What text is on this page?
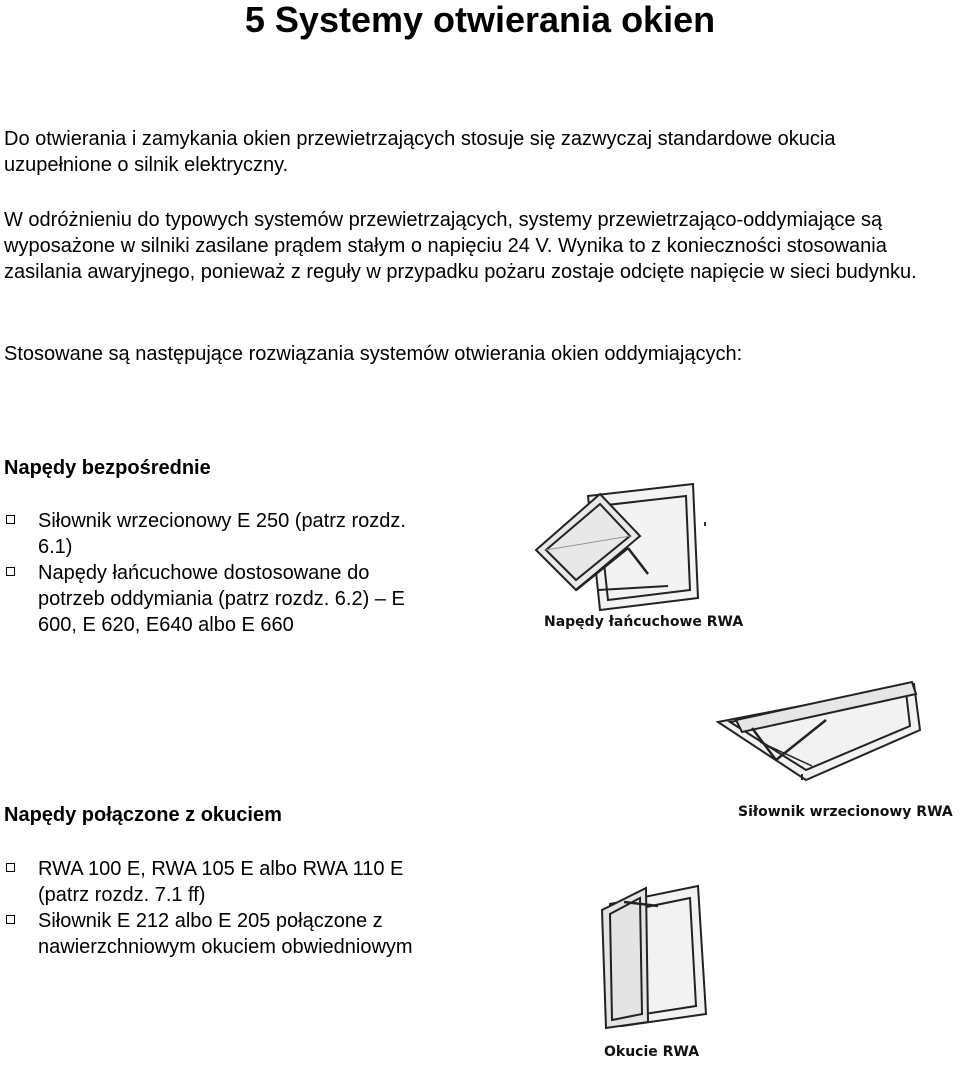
5 Systemy otwierania okien

Do otwierania i zamykania okien przewietrzających stosuje się zazwyczaj standardowe okucia uzupełnione o silnik elektryczny.

W odróżnieniu do typowych systemów przewietrzających, systemy przewietrzająco-oddymiające są wyposażone w silniki zasilane prądem stałym o napięciu 24 V. Wynika to z konieczności stosowania zasilania awaryjnego, ponieważ z reguły w przypadku pożaru zostaje odcięte napięcie w sieci budynku.

Stosowane są następujące rozwiązania systemów otwierania okien oddymiających:

Napędy bezpośrednie
Siłownik wrzecionowy E 250 (patrz rozdz. 6.1)
Napędy łańcuchowe dostosowane do potrzeb oddymiania (patrz rozdz. 6.2) – E 600, E 620, E640 albo E 660
Napędy połączone z okuciem
RWA 100 E, RWA 105 E albo RWA 110 E (patrz rozdz. 7.1 ff)
Siłownik E 212 albo E 205 połączone z nawierzchniowym okuciem obwiedniowym
Napędy łańcuchowe RWA
Siłownik wrzecionowy RWA
Okucie RWA
